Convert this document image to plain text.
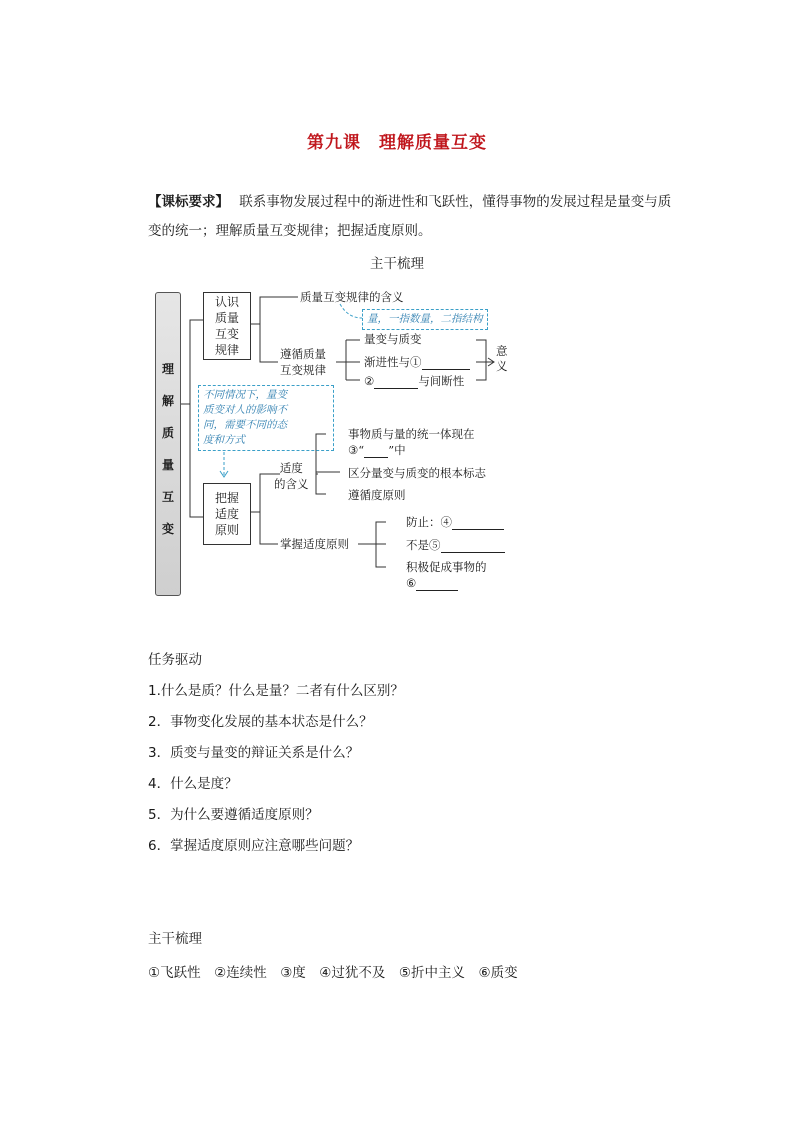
第九课　理解质量互变
【课标要求】 联系事物发展过程中的渐进性和飞跃性，懂得事物的发展过程是量变与质变的统一；理解质量互变规律；把握适度原则。
主干梳理
理
解
质
量
互
变
认识
质量
互变
规律
质量互变规律的含义
量，一指数量，二指结构
遵循质量
互变规律
量变与质变
渐进性与①
②	与间断性
意
义
不同情况下，量变
质变对人的影响不
同，需要不同的态
度和方式
把握
适度
原则
适度
的含义
事物质与量的统一体现在
③“ ”中
区分量变与质变的根本标志
遵循度原则
掌握适度原则
防止：④
不是⑤
积极促成事物的
⑥
任务驱动
1.什么是质？什么是量？二者有什么区别？
2．事物变化发展的基本状态是什么？
3．质变与量变的辩证关系是什么？
4．什么是度？
5．为什么要遵循适度原则？
6．掌握适度原则应注意哪些问题？
主干梳理
①飞跃性　②连续性　③度　④过犹不及　⑤折中主义　⑥质变
